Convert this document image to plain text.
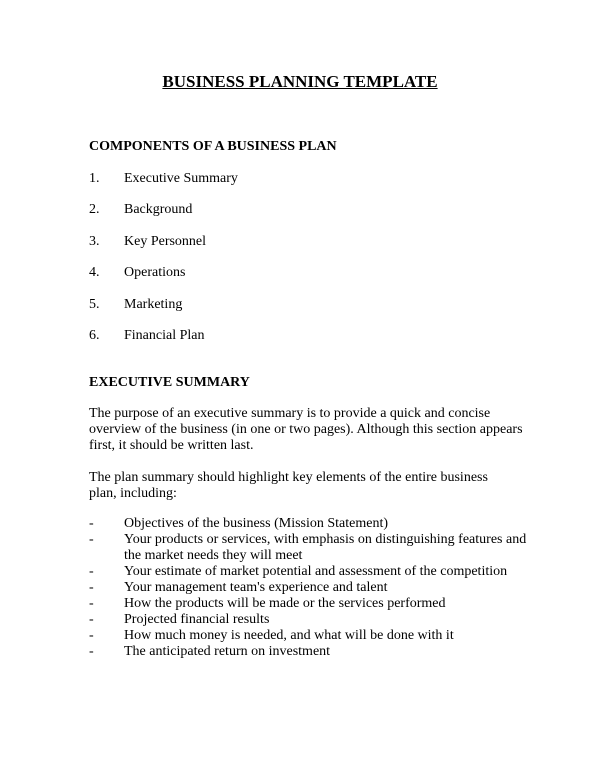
BUSINESS PLANNING TEMPLATE
COMPONENTS OF A BUSINESS PLAN
1.	Executive Summary
2.	Background
3.	Key Personnel
4.	Operations
5.	Marketing
6.	Financial Plan
EXECUTIVE SUMMARY

The purpose of an executive summary is to provide a quick and concise overview of the business (in one or two pages). Although this section appears first, it should be written last.

The plan summary should highlight key elements of the entire business plan, including:

- Objectives of the business (Mission Statement)
- Your products or services, with emphasis on distinguishing features and the market needs they will meet
- Your estimate of market potential and assessment of the competition
- Your management team's experience and talent
- How the products will be made or the services performed
- Projected financial results
- How much money is needed, and what will be done with it
- The anticipated return on investment
